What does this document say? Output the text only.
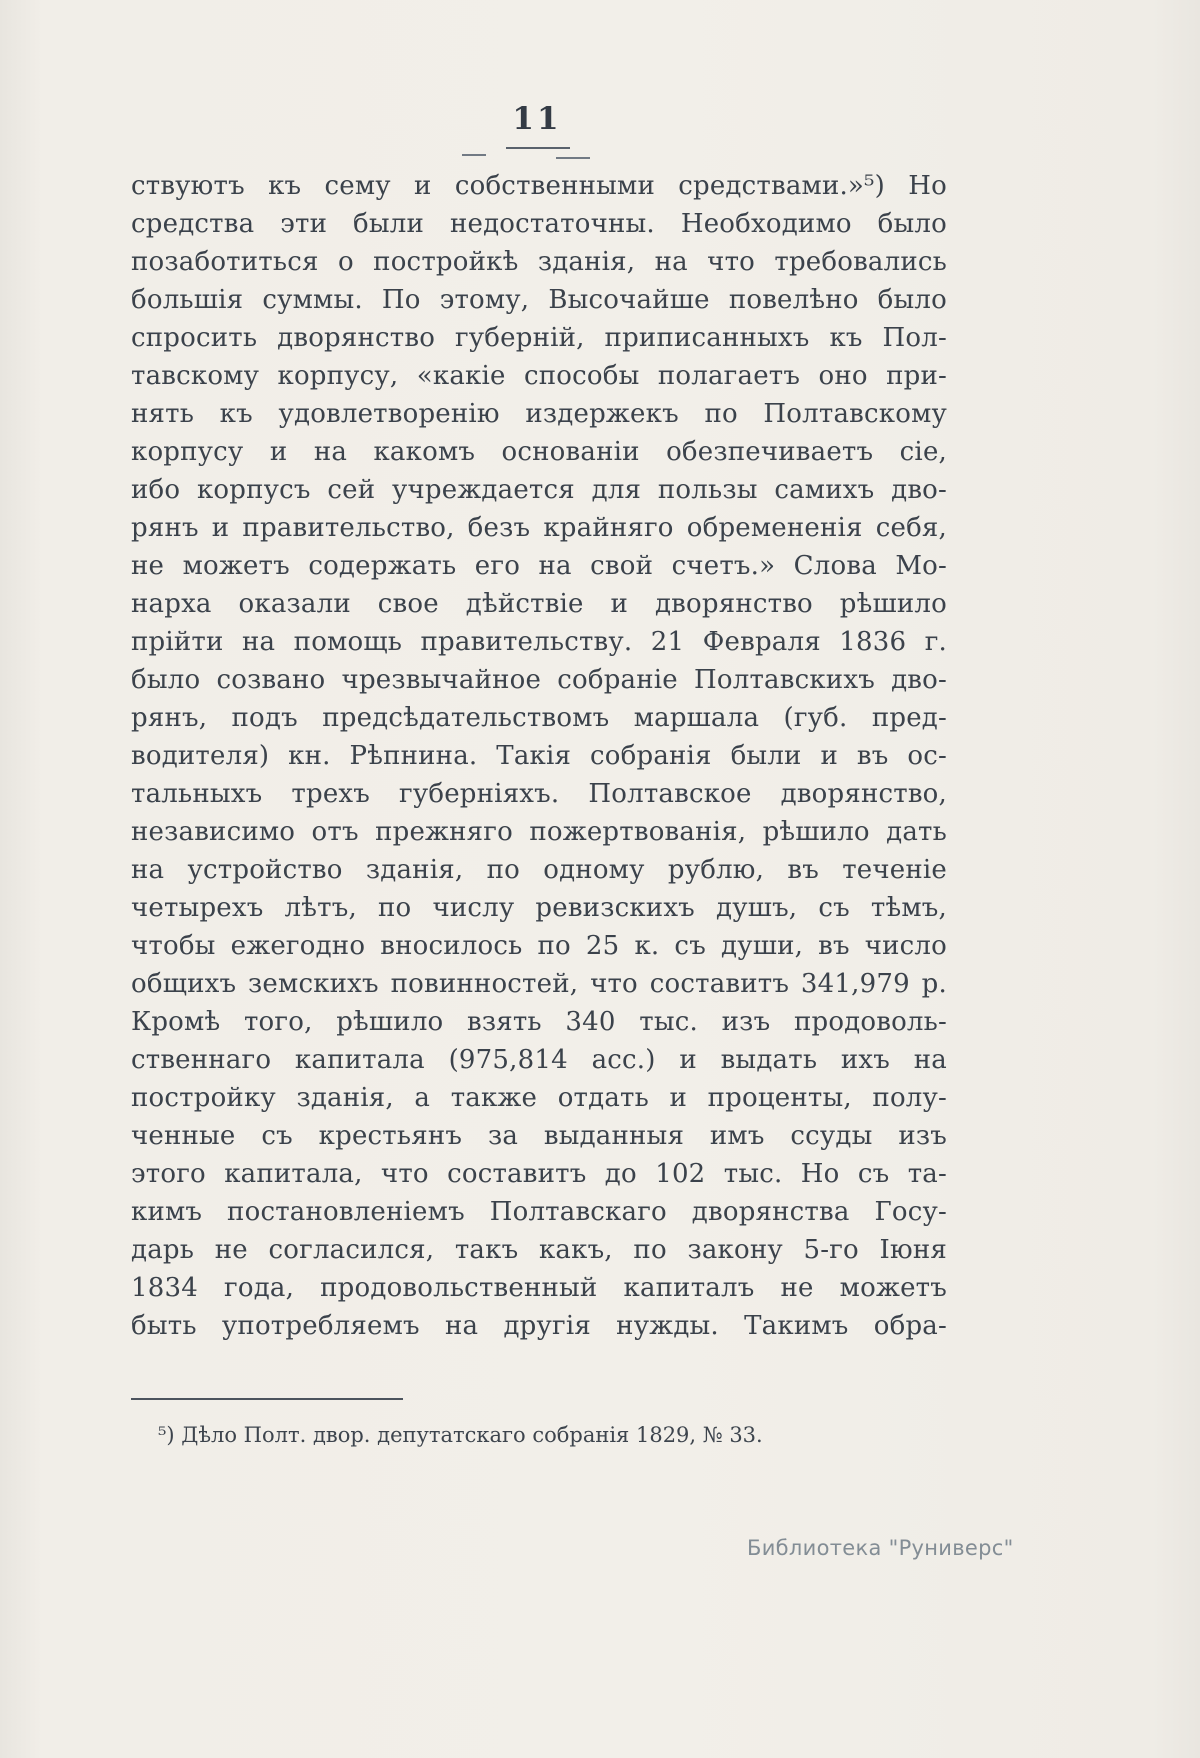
11
ствуютъ къ сему и собственными средствами.»⁵) Но
средства эти были недостаточны. Необходимо было
позаботиться о постройкѣ зданія, на что требовались
большія суммы. По этому, Высочайше повелѣно было
спросить дворянство губерній, приписанныхъ къ Пол-
тавскому корпусу, «какіе способы полагаетъ оно при-
нять къ удовлетворенію издержекъ по Полтавскому
корпусу и на какомъ основаніи обезпечиваетъ сіе,
ибо корпусъ сей учреждается для пользы самихъ дво-
рянъ и правительство, безъ крайняго обремененія себя,
не можетъ содержать его на свой счетъ.» Слова Мо-
нарха оказали свое дѣйствіе и дворянство рѣшило
прійти на помощь правительству. 21 Февраля 1836 г.
было созвано чрезвычайное собраніе Полтавскихъ дво-
рянъ, подъ предсѣдательствомъ маршала (губ. пред-
водителя) кн. Рѣпнина. Такія собранія были и въ ос-
тальныхъ трехъ губерніяхъ. Полтавское дворянство,
независимо отъ прежняго пожертвованія, рѣшило дать
на устройство зданія, по одному рублю, въ теченіе
четырехъ лѣтъ, по числу ревизскихъ душъ, съ тѣмъ,
чтобы ежегодно вносилось по 25 к. съ души, въ число
общихъ земскихъ повинностей, что составитъ 341,979 р.
Кромѣ того, рѣшило взять 340 тыс. изъ продоволь-
ственнаго капитала (975,814 асс.) и выдать ихъ на
постройку зданія, а также отдать и проценты, полу-
ченные съ крестьянъ за выданныя имъ ссуды изъ
этого капитала, что составитъ до 102 тыс. Но съ та-
кимъ постановленіемъ Полтавскаго дворянства Госу-
дарь не согласился, такъ какъ, по закону 5-го Іюня
1834 года, продовольственный капиталъ не можетъ
быть употребляемъ на другія нужды. Такимъ обра-
⁵) Дѣло Полт. двор. депутатскаго собранія 1829, № 33.
Библиотека "Руниверс"
